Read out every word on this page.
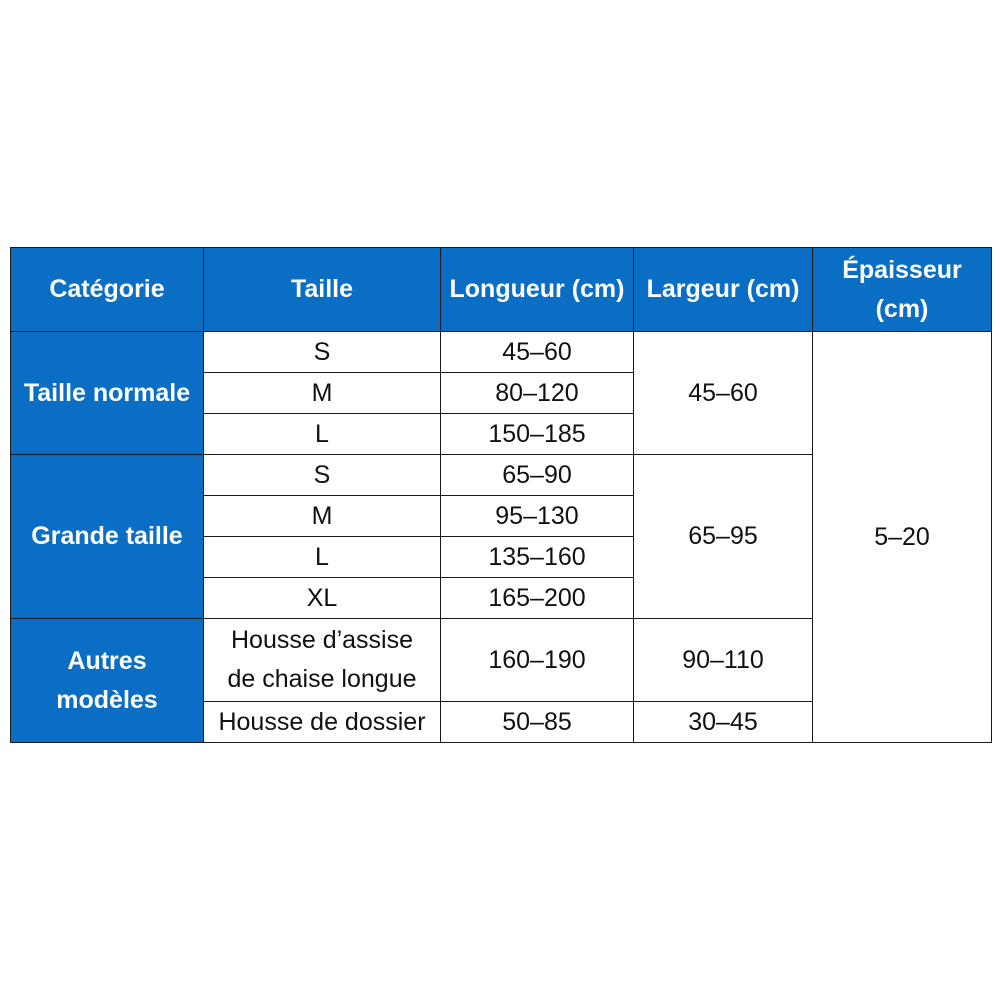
Catégorie	Taille	Longueur (cm)	Largeur (cm)	Épaisseur (cm)
Taille normale	S	45–60	45–60	5–20
	M	80–120		
	L	150–185		
Grande taille	S	65–90	65–95	
	M	95–130		
	L	135–160		
	XL	165–200		
Autres modèles	Housse d’assise de chaise longue	160–190	90–110	
	Housse de dossier	50–85	30–45	
